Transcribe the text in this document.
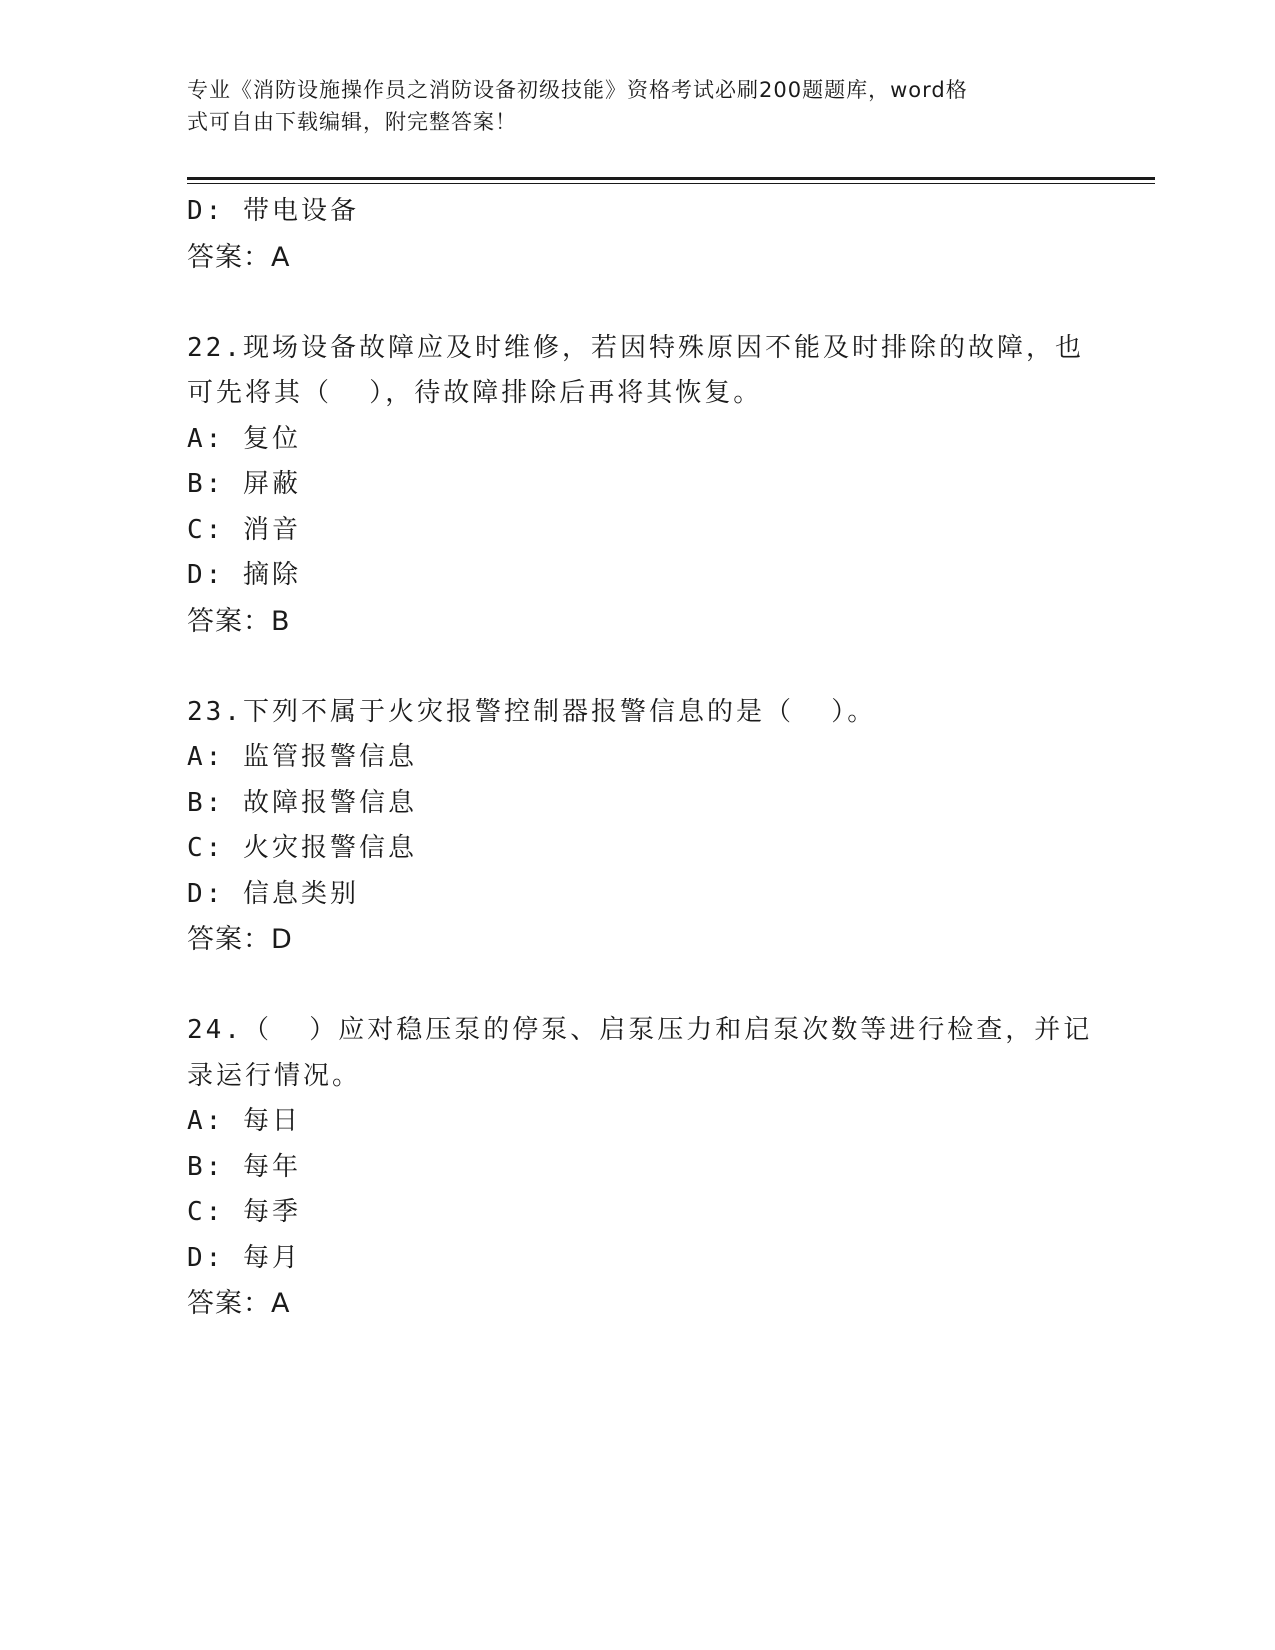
专业《消防设施操作员之消防设备初级技能》资格考试必刷200题题库，word格
式可自由下载编辑，附完整答案！
D: 带电设备
答案：A
22.现场设备故障应及时维修，若因特殊原因不能及时排除的故障，也
可先将其（  ），待故障排除后再将其恢复。
A: 复位
B: 屏蔽
C: 消音
D: 摘除
答案：B
23.下列不属于火灾报警控制器报警信息的是（  ）。
A: 监管报警信息
B: 故障报警信息
C: 火灾报警信息
D: 信息类别
答案：D
24.（  ）应对稳压泵的停泵、启泵压力和启泵次数等进行检查，并记
录运行情况。
A: 每日
B: 每年
C: 每季
D: 每月
答案：A
